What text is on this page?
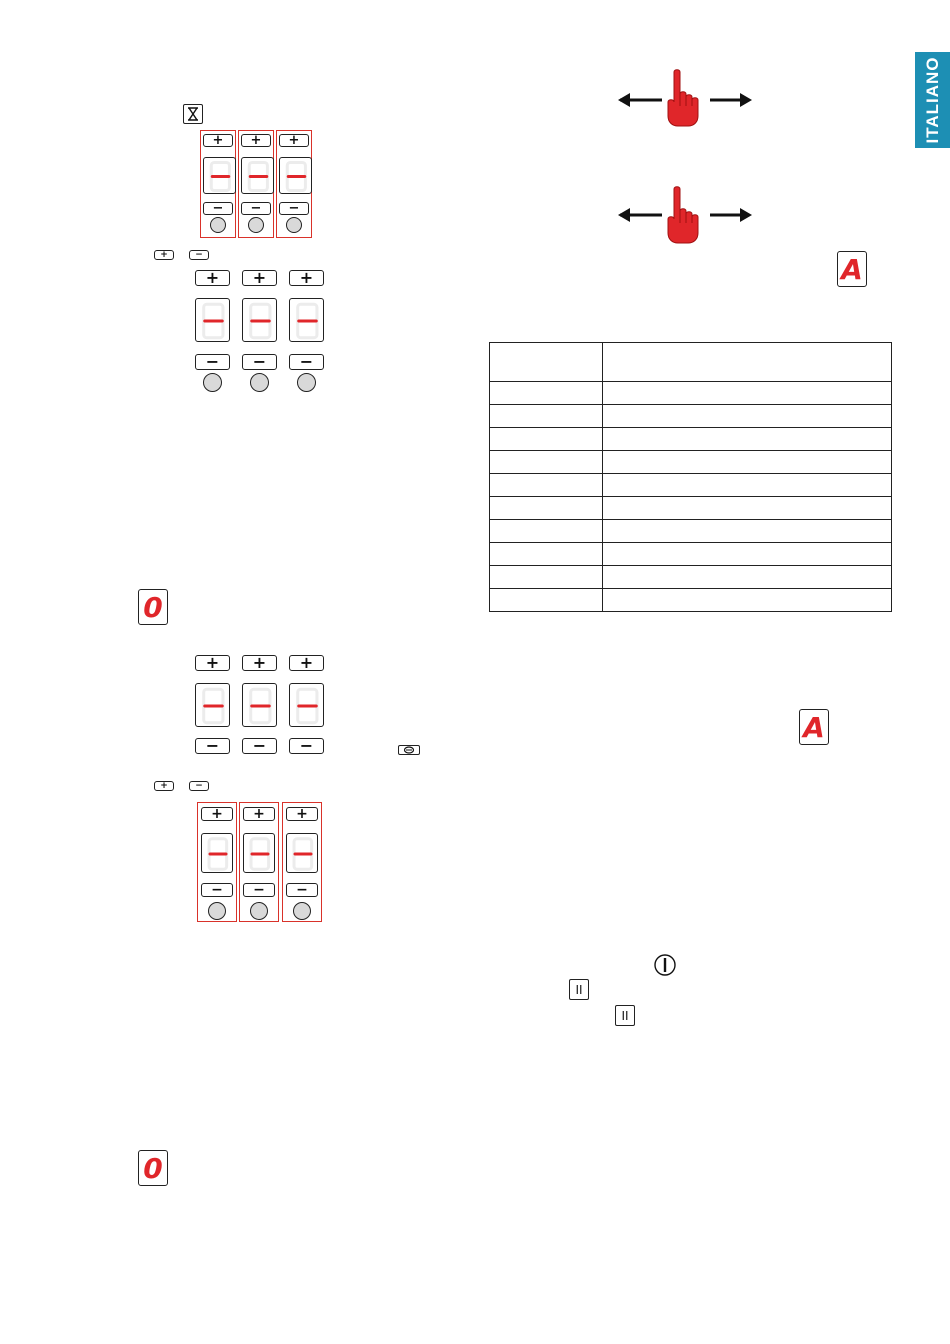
ITALIANO
+
−
+
−
+
−
+
−
+
−
+
−
+
−
+
−
+
−
+
−
+
−
+
−
+	−
+	−
0
0
A
A

II
II
